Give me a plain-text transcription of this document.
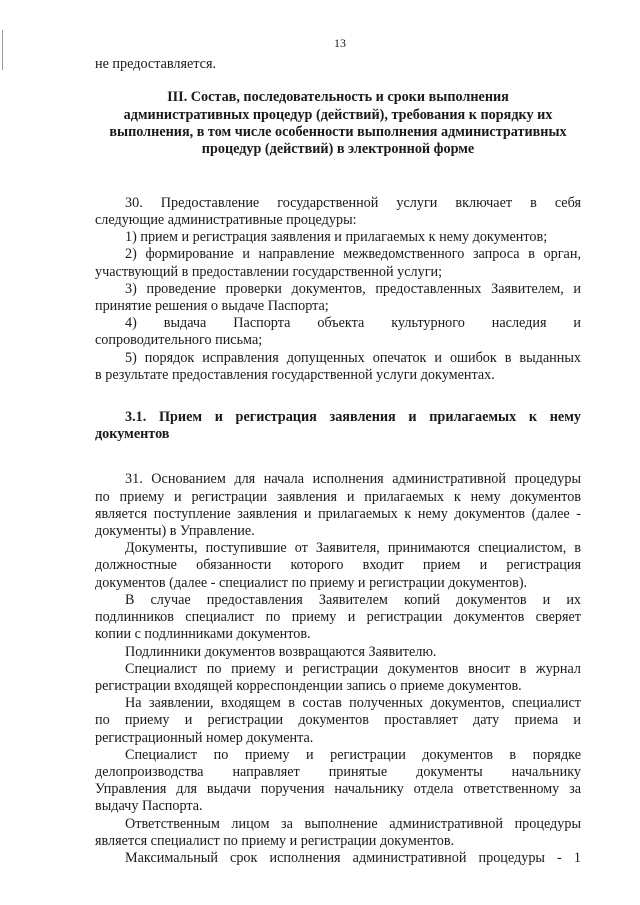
13
не предоставляется.
III. Состав, последовательность и сроки выполнения
административных процедур (действий), требования к порядку их
выполнения, в том числе особенности выполнения административных
процедур (действий) в электронной форме
30. Предоставление государственной услуги включает в себя
следующие административные процедуры:
1) прием и регистрация заявления и прилагаемых к нему документов;
2) формирование и направление межведомственного запроса в орган,
участвующий в предоставлении государственной услуги;
3) проведение проверки документов, предоставленных Заявителем, и
принятие решения о выдаче Паспорта;
4) выдача Паспорта объекта культурного наследия и
сопроводительного письма;
5) порядок исправления допущенных опечаток и ошибок в выданных
в результате предоставления государственной услуги документах.
3.1. Прием и регистрация заявления и прилагаемых к нему
документов
31. Основанием для начала исполнения административной процедуры
по приему и регистрации заявления и прилагаемых к нему документов
является поступление заявления и прилагаемых к нему документов (далее -
документы) в Управление.
Документы, поступившие от Заявителя, принимаются специалистом, в
должностные обязанности которого входит прием и регистрация
документов (далее - специалист по приему и регистрации документов).
В случае предоставления Заявителем копий документов и их
подлинников специалист по приему и регистрации документов сверяет
копии с подлинниками документов.
Подлинники документов возвращаются Заявителю.
Специалист по приему и регистрации документов вносит в журнал
регистрации входящей корреспонденции запись о приеме документов.
На заявлении, входящем в состав полученных документов, специалист
по приему и регистрации документов проставляет дату приема и
регистрационный номер документа.
Специалист по приему и регистрации документов в порядке
делопроизводства направляет принятые документы начальнику
Управления для выдачи поручения начальнику отдела ответственному за
выдачу Паспорта.
Ответственным лицом за выполнение административной процедуры
является специалист по приему и регистрации документов.
Максимальный срок исполнения административной процедуры - 1
